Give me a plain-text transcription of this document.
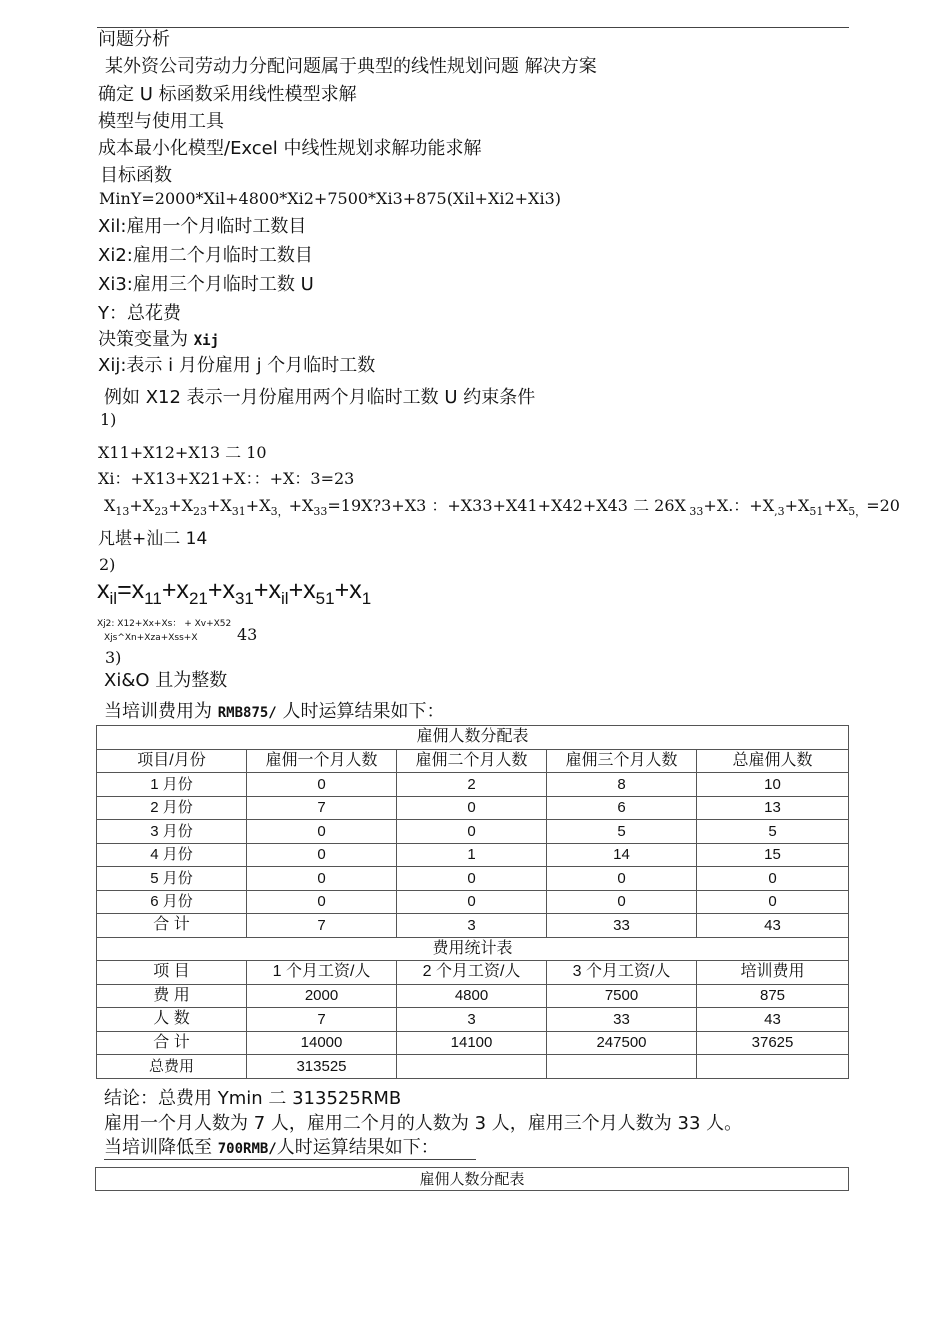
问题分析
某外资公司劳动力分配问题属于典型的线性规划问题 解决方案
确定 U 标函数采用线性模型求解
模型与使用工具
成本最小化模型/Excel 中线性规划求解功能求解
目标函数
MinY=2000*Xil+4800*Xi2+7500*Xi3+875(Xil+Xi2+Xi3)
Xil:雇用一个月临时工数目
Xi2:雇用二个月临时工数目
Xi3:雇用三个月临时工数 U
Y：总花费
决策变量为 Xij
Xij:表示 i 月份雇用 j 个月临时工数
例如 X12 表示一月份雇用两个月临时工数 U 约束条件
1)
X11+X12+X13 二 10
Xi：+X13+X21+X：：+X：3=23
$X_{13}+X_{23}+X_{23}+X_{31}+X_{3,}+X_{33}=19X?3+X3$ ：+X33+X41+X42+X43 二 26X $_{33}$+X.：$+X_{,3}+X_{51}+X_{5,}=20$
凡堪+汕二 14
2)
$x_{il}=x_{11}+x_{21}+x_{31}+x_{il}+x_{51}+x_1$
Xj2: X12+Xx+Xs： + Xv+X52
Xjs^Xn+Xza+Xss+X 43
3)
Xi&O 且为整数
当培训费用为 RMB875/ 人时运算结果如下：
雇佣人数分配表				
项目/月份	雇佣一个月人数	雇佣二个月人数	雇佣三个月人数	总雇佣人数
1 月份	0	2	8	10
2 月份	7	0	6	13
3 月份	0	0	5	5
4 月份	0	1	14	15
5 月份	0	0	0	0
6 月份	0	0	0	0
合 计	7	3	33	43
费用统计表				
项 目	1 个月工资/人	2 个月工资/人	3 个月工资/人	培训费用
费 用	2000	4800	7500	875
人 数	7	3	33	43
合 计	14000	14100	247500	37625
总费用	313525			
结论：总费用 Ymin 二 313525RMB
雇用一个月人数为 7 人，雇用二个月的人数为 3 人，雇用三个月人数为 33 人。
当培训降低至 700RMB/人时运算结果如下：
雇佣人数分配表
